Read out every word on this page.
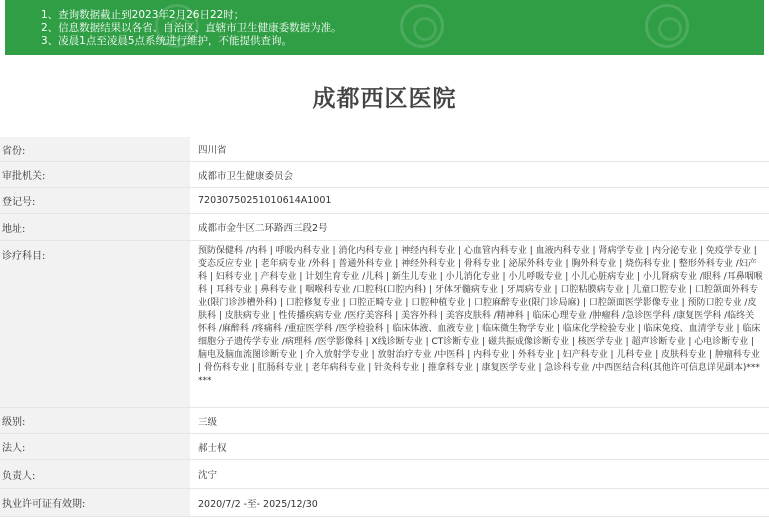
1、查询数据截止到2023年2月26日22时；
2、信息数据结果以各省、自治区、直辖市卫生健康委数据为准。
3、凌晨1点至凌晨5点系统进行维护，不能提供查询。
成都西区医院
省份:	四川省
审批机关:	成都市卫生健康委员会
登记号:	72030750251010614A1001
地址:	成都市金牛区二环路西三段2号
诊疗科目:	预防保健科 /内科 | 呼吸内科专业 | 消化内科专业 | 神经内科专业 | 心血管内科专业 | 血液内科专业 | 肾病学专业 | 内分泌专业 | 免疫学专业 | 变态反应专业 | 老年病专业 /外科 | 普通外科专业 | 神经外科专业 | 骨科专业 | 泌尿外科专业 | 胸外科专业 | 烧伤科专业 | 整形外科专业 /妇产科 | 妇科专业 | 产科专业 | 计划生育专业 /儿科 | 新生儿专业 | 小儿消化专业 | 小儿呼吸专业 | 小儿心脏病专业 | 小儿肾病专业 /眼科 /耳鼻咽喉科 | 耳科专业 | 鼻科专业 | 咽喉科专业 /口腔科(口腔内科) | 牙体牙髓病专业 | 牙周病专业 | 口腔粘膜病专业 | 儿童口腔专业 | 口腔颌面外科专业(限门诊涉槽外科) | 口腔修复专业 | 口腔正畸专业 | 口腔种植专业 | 口腔麻醉专业(限门诊局麻) | 口腔颌面医学影像专业 | 预防口腔专业 /皮肤科 | 皮肤病专业 | 性传播疾病专业 /医疗美容科 | 美容外科 | 美容皮肤科 /精神科 | 临床心理专业 /肿瘤科 /急诊医学科 /康复医学科 /临终关怀科 /麻醉科 /疼痛科 /重症医学科 /医学检验科 | 临床体液、血液专业 | 临床微生物学专业 | 临床化学检验专业 | 临床免疫、血清学专业 | 临床细胞分子遗传学专业 /病理科 /医学影像科 | X线诊断专业 | CT诊断专业 | 磁共振成像诊断专业 | 核医学专业 | 超声诊断专业 | 心电诊断专业 | 脑电及脑血流图诊断专业 | 介入放射学专业 | 放射治疗专业 /中医科 | 内科专业 | 外科专业 | 妇产科专业 | 儿科专业 | 皮肤科专业 | 肿瘤科专业 | 骨伤科专业 | 肛肠科专业 | 老年病科专业 | 针灸科专业 | 推拿科专业 | 康复医学专业 | 急诊科专业 /中西医结合科(其他许可信息详见副本)******
级别:	三级
法人:	郝士权
负责人:	沈宁
执业许可证有效期:	2020/7/2 -至- 2025/12/30
